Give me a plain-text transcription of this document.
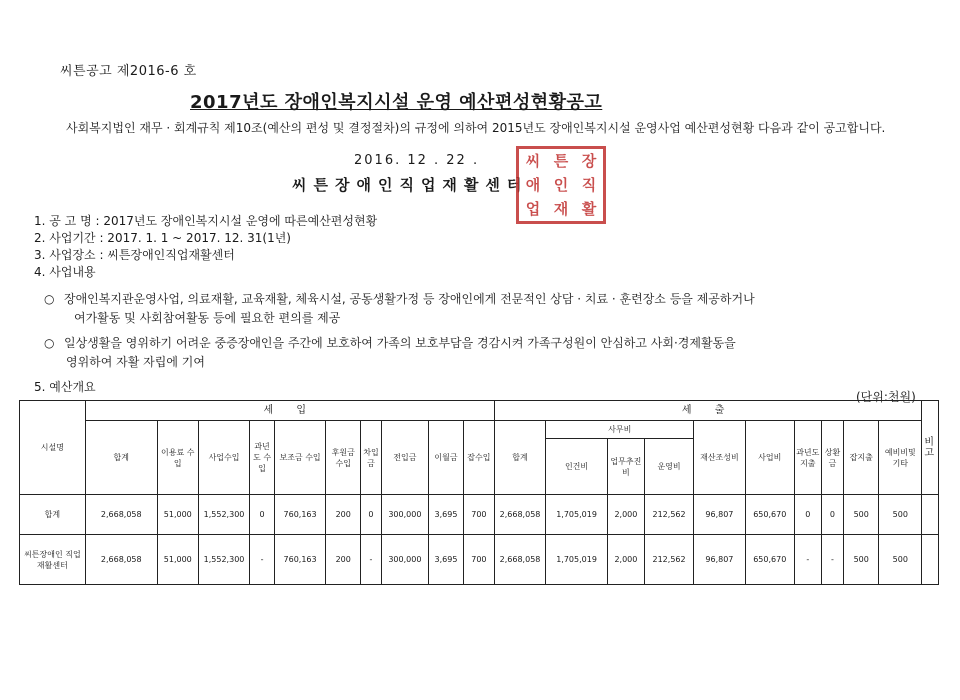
씨튼공고 제2016-6 호
2017년도 장애인복지시설 운영 예산편성현황공고
사회복지법인 재무 · 회계규칙 제10조(예산의 편성 및 결정절차)의 규정에 의하여 2015년도 장애인복지시설 운영사업 예산편성현황 다음과 같이 공고합니다.
2016. 12 . 22 .
씨튼장애인직업재활센터
씨 튼 장
애 인 직
업 재 활
1. 공 고 명 : 2017년도 장애인복지시설 운영에 따른예산편성현황
2. 사업기간 : 2017. 1. 1 ~ 2017. 12. 31(1년)
3. 사업장소 : 씨튼장애인직업재활센터
4. 사업내용
○ 장애인복지관운영사업, 의료재활, 교육재활, 체육시설, 공동생활가정 등 장애인에게 전문적인 상담 · 치료 · 훈련장소 등을 제공하거나
여가활동 및 사회참여활동 등에 필요한 편의를 제공
○ 일상생활을 영위하기 어려운 중증장애인을 주간에 보호하여 가족의 보호부담을 경감시켜 가족구성원이 안심하고 사회·경제활동을
영위하여 자활 자립에 기여
5. 예산개요
(단위:천원)
시설명	세 입										세 출										비고
	합계	이용료 수입	사업수입	과년도 수입	보조금 수입	후원금 수입	차입금	전입금	이월금	잡수입	합계	사무비			재산조성비	사업비	과년도지출	상환금	잡지출	예비비및 기타	
												인건비	업무추진비	운영비							
합계	2,668,058	51,000	1,552,300	0	760,163	200	0	300,000	3,695	700	2,668,058	1,705,019	2,000	212,562	96,807	650,670	0	0	500	500	
씨튼장애인 직업재활센터	2,668,058	51,000	1,552,300	-	760,163	200	-	300,000	3,695	700	2,668,058	1,705,019	2,000	212,562	96,807	650,670	-	-	500	500	
